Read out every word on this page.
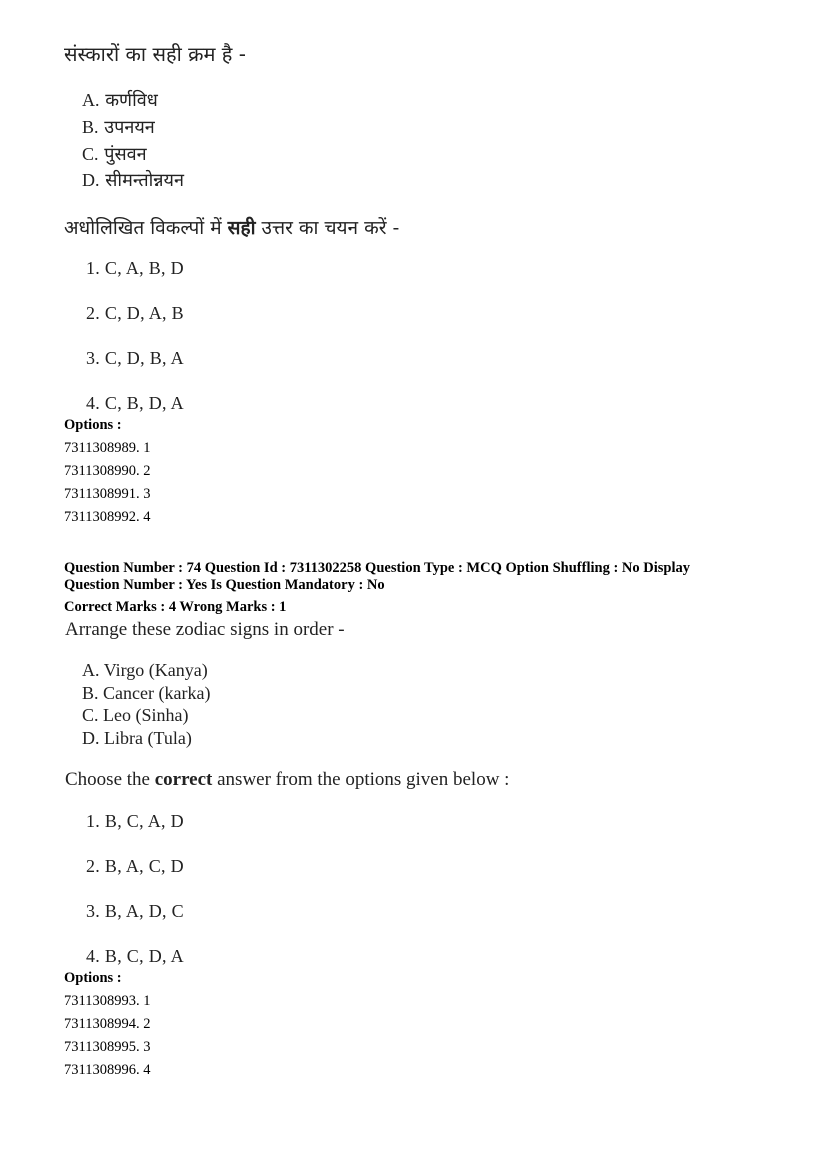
संस्कारों का सही क्रम है -
A. कर्णविध
B. उपनयन
C. पुंसवन
D. सीमन्तोन्नयन
अधोलिखित विकल्पों में सही उत्तर का चयन करें -
1. C, A, B, D
2. C, D, A, B
3. C, D, B, A
4. C, B, D, A
Options :
7311308989. 1
7311308990. 2
7311308991. 3
7311308992. 4
Question Number : 74 Question Id : 7311302258 Question Type : MCQ Option Shuffling : No Display
Question Number : Yes Is Question Mandatory : No
Correct Marks : 4 Wrong Marks : 1
Arrange these zodiac signs in order -
A. Virgo (Kanya)
B. Cancer (karka)
C. Leo (Sinha)
D. Libra (Tula)
Choose the correct answer from the options given below :
1. B, C, A, D
2. B, A, C, D
3. B, A, D, C
4. B, C, D, A
Options :
7311308993. 1
7311308994. 2
7311308995. 3
7311308996. 4
